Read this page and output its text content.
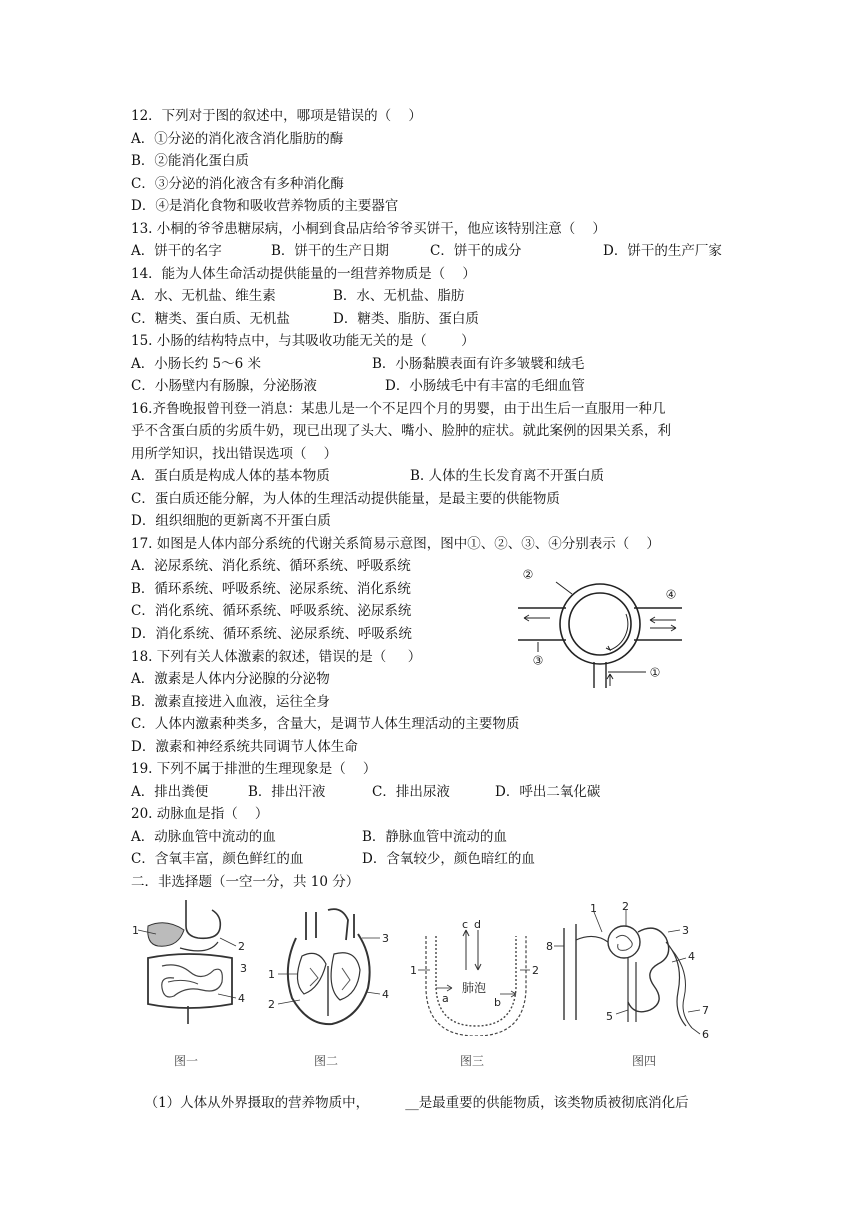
12．下列对于图的叙述中，哪项是错误的（    ）
A．①分泌的消化液含消化脂肪的酶
B．②能消化蛋白质
C．③分泌的消化液含有多种消化酶
D．④是消化食物和吸收营养物质的主要器官
13. 小桐的爷爷患糖尿病，小桐到食品店给爷爷买饼干，他应该特别注意（    ）
A．饼干的名字	B．饼干的生产日期	C．饼干的成分	D．饼干的生产厂家
14．能为人体生命活动提供能量的一组营养物质是（    ）
A．水、无机盐、维生素	B．水、无机盐、脂肪
C．糖类、蛋白质、无机盐	D．糖类、脂肪、蛋白质
15. 小肠的结构特点中，与其吸收功能无关的是（        ）
A．小肠长约 5～6 米	B．小肠黏膜表面有许多皱襞和绒毛
C．小肠壁内有肠腺，分泌肠液	D．小肠绒毛中有丰富的毛细血管
16.齐鲁晚报曾刊登一消息：某患儿是一个不足四个月的男婴，由于出生后一直服用一种几
乎不含蛋白质的劣质牛奶，现已出现了头大、嘴小、脸肿的症状。就此案例的因果关系，利
用所学知识，找出错误选项（    ）
A．蛋白质是构成人体的基本物质	B. 人体的生长发育离不开蛋白质
C．蛋白质还能分解，为人体的生理活动提供能量，是最主要的供能物质
D．组织细胞的更新离不开蛋白质
17. 如图是人体内部分系统的代谢关系简易示意图，图中①、②、③、④分别表示（    ）
A．泌尿系统、消化系统、循环系统、呼吸系统
B．循环系统、呼吸系统、泌尿系统、消化系统
C．消化系统、循环系统、呼吸系统、泌尿系统
D．消化系统、循环系统、泌尿系统、呼吸系统
②
④
③
①
18. 下列有关人体激素的叙述，错误的是（     ）
A．激素是人体内分泌腺的分泌物
B．激素直接进入血液，运往全身
C．人体内激素种类多，含量大，是调节人体生理活动的主要物质
D．激素和神经系统共同调节人体生命
19. 下列不属于排泄的生理现象是（    ）
A．排出粪便	B．排出汗液	C．排出尿液	D．呼出二氧化碳
20. 动脉血是指（    ）
A．动脉血管中流动的血	B．静脉血管中流动的血
C．含氧丰富，颜色鲜红的血	D．含氧较少，颜色暗红的血
二．非选择题（一空一分，共 10 分）
1
2
3
4
图一
1
2
3
4
图二
c d
1	2
a	b
肺泡
图三
1 2
3
4
5
6
7
8
图四

（1）人体从外界摄取的营养物质中，	__是最重要的供能物质，该类物质被彻底消化后
